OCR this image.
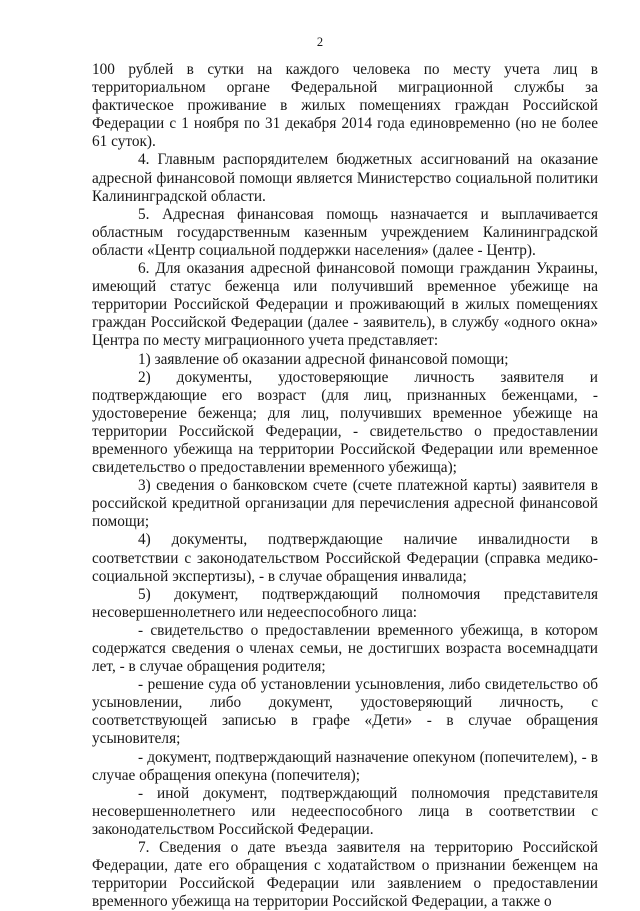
2

100 рублей в сутки на каждого человека по месту учета лиц в территориальном органе Федеральной миграционной службы за фактическое проживание в жилых помещениях граждан Российской Федерации с 1 ноября по 31 декабря 2014 года единовременно (но не более 61 суток).

4. Главным распорядителем бюджетных ассигнований на оказание адресной финансовой помощи является Министерство социальной политики Калининградской области.

5. Адресная финансовая помощь назначается и выплачивается областным государственным казенным учреждением Калининградской области «Центр социальной поддержки населения» (далее - Центр).

6. Для оказания адресной финансовой помощи гражданин Украины, имеющий статус беженца или получивший временное убежище на территории Российской Федерации и проживающий в жилых помещениях граждан Российской Федерации (далее - заявитель), в службу «одного окна» Центра по месту миграционного учета представляет:

1) заявление об оказании адресной финансовой помощи;

2) документы, удостоверяющие личность заявителя и подтверждающие его возраст (для лиц, признанных беженцами, - удостоверение беженца; для лиц, получивших временное убежище на территории Российской Федерации, - свидетельство о предоставлении временного убежища на территории Российской Федерации или временное свидетельство о предоставлении временного убежища);

3) сведения о банковском счете (счете платежной карты) заявителя в российской кредитной организации для перечисления адресной финансовой помощи;

4) документы, подтверждающие наличие инвалидности в соответствии с законодательством Российской Федерации (справка медико-социальной экспертизы), - в случае обращения инвалида;

5) документ, подтверждающий полномочия представителя несовершеннолетнего или недееспособного лица:

- свидетельство о предоставлении временного убежища, в котором содержатся сведения о членах семьи, не достигших возраста восемнадцати лет, - в случае обращения родителя;

- решение суда об установлении усыновления, либо свидетельство об усыновлении, либо документ, удостоверяющий личность, с соответствующей записью в графе «Дети» - в случае обращения усыновителя;

- документ, подтверждающий назначение опекуном (попечителем), - в случае обращения опекуна (попечителя);

- иной документ, подтверждающий полномочия представителя несовершеннолетнего или недееспособного лица в соответствии с законодательством Российской Федерации.

7. Сведения о дате въезда заявителя на территорию Российской Федерации, дате его обращения с ходатайством о признании беженцем на территории Российской Федерации или заявлением о предоставлении временного убежища на территории Российской Федерации, а также о
